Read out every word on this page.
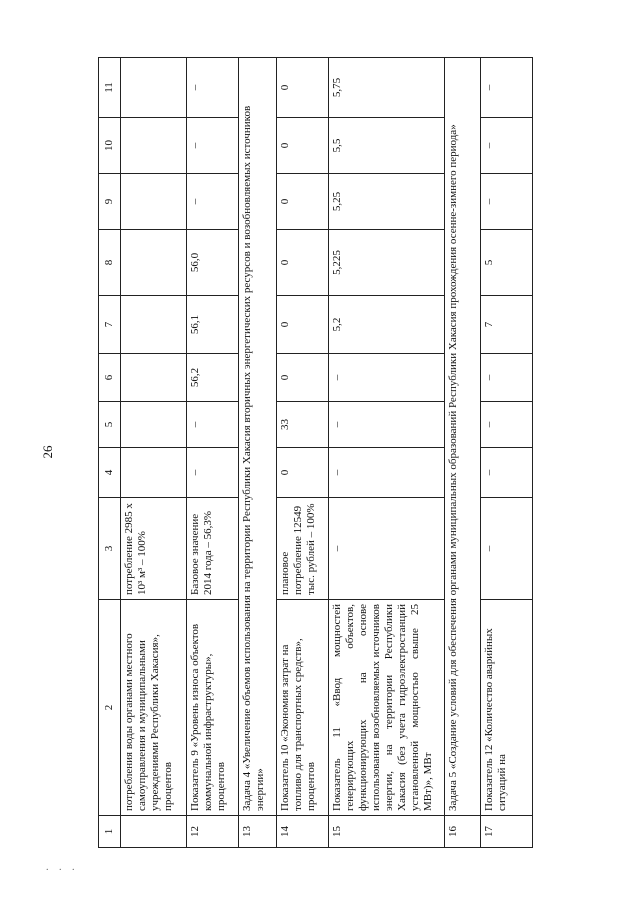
26
. . .
1	2	3	4	5	6	7	8	9	10	11
	потребления воды органами местного самоуправления и муниципальными учреждениями Республики Хакасия», процентов	потребление 2985 x 10³ м³ – 100%								
12	Показатель 9 «Уровень износа объектов коммунальной инфраструктуры», процентов	Базовое значение 2014 года – 56,3%	–	–	56,2	56,1	56,0	–	–	–
13	Задача 4 «Увеличение объемов использования на территории Республики Хакасия вторичных энергетических ресурсов и возобновляемых источников энергии»									
14	Показатель 10 «Экономия затрат на топливо для транспортных средств», процентов	плановое потребление 12549 тыс. рублей – 100%	0	33	0	0	0	0	0	0
15	Показатель 11 «Ввод мощностей генерирующих объектов, функционирующих на основе использования возобновляемых источников энергии, на территории Республики Хакасия (без учета гидроэлектростанций установленной мощностью свыше 25 МВт)», МВт	–	–	–	–	5,2	5,225	5,25	5,5	5,75
16	Задача 5 «Создание условий для обеспечения органами муниципальных образований Республики Хакасия прохождения осенне-зимнего периода»									
17	Показатель 12 «Количество аварийных ситуаций на	–	–	–	–	7	5	–	–	–
